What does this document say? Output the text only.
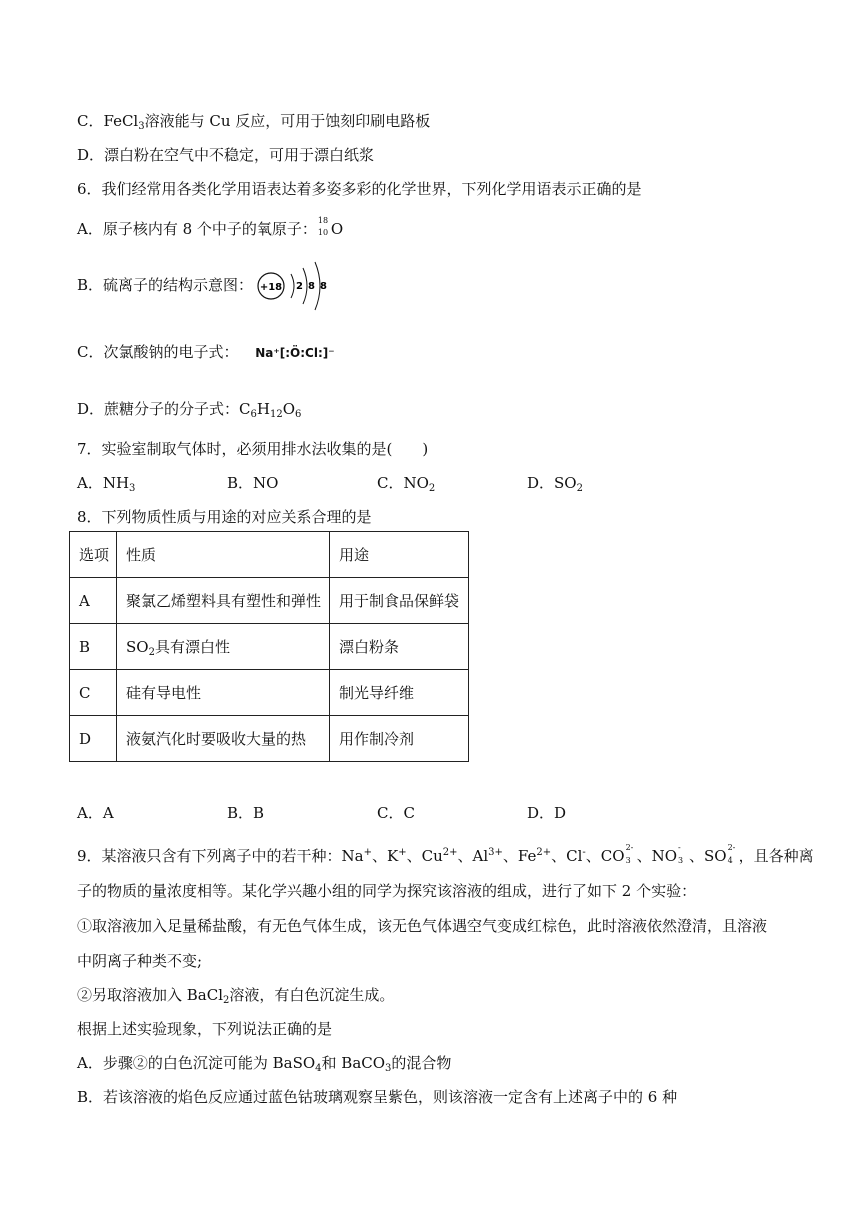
C．FeCl$_3$溶液能与 Cu 反应，可用于蚀刻印刷电路板
D．漂白粉在空气中不稳定，可用于漂白纸浆
6．我们经常用各类化学用语表达着多姿多彩的化学世界，下列化学用语表示正确的是
A．原子核内有 8 个中子的氧原子： 18
10 O
B．硫离子的结构示意图： +18 2 8 8
C．次氯酸钠的电子式： Na⁺[:Ö:Cl:]⁻
D．蔗糖分子的分子式：$C_6H_{12}O_6$
7．实验室制取气体时，必须用排水法收集的是(　　)
A．$NH_3$	B．NO	C．$NO_2$	D．$SO_2$
8．下列物质性质与用途的对应关系合理的是
选项	性质	用途
A	聚氯乙烯塑料具有塑性和弹性	用于制食品保鲜袋
B	$SO_2$具有漂白性	漂白粉条
C	硅有导电性	制光导纤维
D	液氨汽化时要吸收大量的热	用作制冷剂
A．A	B．B	C．C	D．D
9．某溶液只含有下列离子中的若干种：Na+、K+、$Cu^{2+}$、$Al^{3+}$、$Fe^{2+}$、Cl-、CO 2-
3 、NO -
3 、SO 2-
4 ，且各种离
子的物质的量浓度相等。某化学兴趣小组的同学为探究该溶液的组成，进行了如下 2 个实验：
①取溶液加入足量稀盐酸，有无色气体生成，该无色气体遇空气变成红棕色，此时溶液依然澄清，且溶液
中阴离子种类不变;
②另取溶液加入 BaCl$_2$溶液，有白色沉淀生成。
根据上述实验现象，下列说法正确的是
A．步骤②的白色沉淀可能为 BaSO$_4$和 BaCO$_3$的混合物
B．若该溶液的焰色反应通过蓝色钴玻璃观察呈紫色，则该溶液一定含有上述离子中的 6 种
